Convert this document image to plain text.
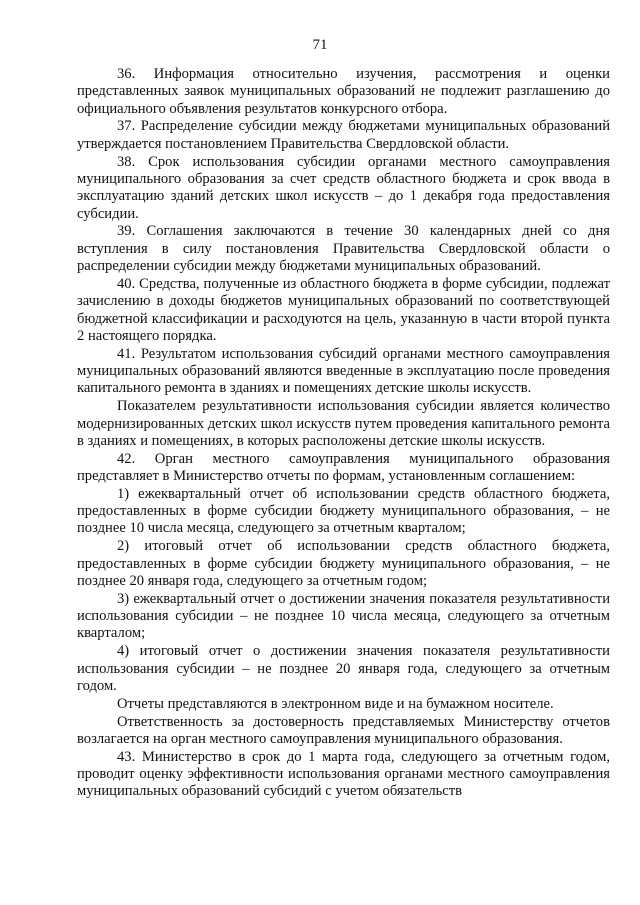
71

36. Информация относительно изучения, рассмотрения и оценки представленных заявок муниципальных образований не подлежит разглашению до официального объявления результатов конкурсного отбора.

37. Распределение субсидии между бюджетами муниципальных образований утверждается постановлением Правительства Свердловской области.

38. Срок использования субсидии органами местного самоуправления муниципального образования за счет средств областного бюджета и срок ввода в эксплуатацию зданий детских школ искусств – до 1 декабря года предоставления субсидии.

39. Соглашения заключаются в течение 30 календарных дней со дня вступления в силу постановления Правительства Свердловской области о распределении субсидии между бюджетами муниципальных образований.

40. Средства, полученные из областного бюджета в форме субсидии, подлежат зачислению в доходы бюджетов муниципальных образований по соответствующей бюджетной классификации и расходуются на цель, указанную в части второй пункта 2 настоящего порядка.

41. Результатом использования субсидий органами местного самоуправления муниципальных образований являются введенные в эксплуатацию после проведения капитального ремонта в зданиях и помещениях детские школы искусств.

Показателем результативности использования субсидии является количество модернизированных детских школ искусств путем проведения капитального ремонта в зданиях и помещениях, в которых расположены детские школы искусств.

42. Орган местного самоуправления муниципального образования представляет в Министерство отчеты по формам, установленным соглашением:

1) ежеквартальный отчет об использовании средств областного бюджета, предоставленных в форме субсидии бюджету муниципального образования, – не позднее 10 числа месяца, следующего за отчетным кварталом;

2) итоговый отчет об использовании средств областного бюджета, предоставленных в форме субсидии бюджету муниципального образования, – не позднее 20 января года, следующего за отчетным годом;

3) ежеквартальный отчет о достижении значения показателя результативности использования субсидии – не позднее 10 числа месяца, следующего за отчетным кварталом;

4) итоговый отчет о достижении значения показателя результативности использования субсидии – не позднее 20 января года, следующего за отчетным годом.

Отчеты представляются в электронном виде и на бумажном носителе.

Ответственность за достоверность представляемых Министерству отчетов возлагается на орган местного самоуправления муниципального образования.

43. Министерство в срок до 1 марта года, следующего за отчетным годом, проводит оценку эффективности использования органами местного самоуправления муниципальных образований субсидий с учетом обязательств
